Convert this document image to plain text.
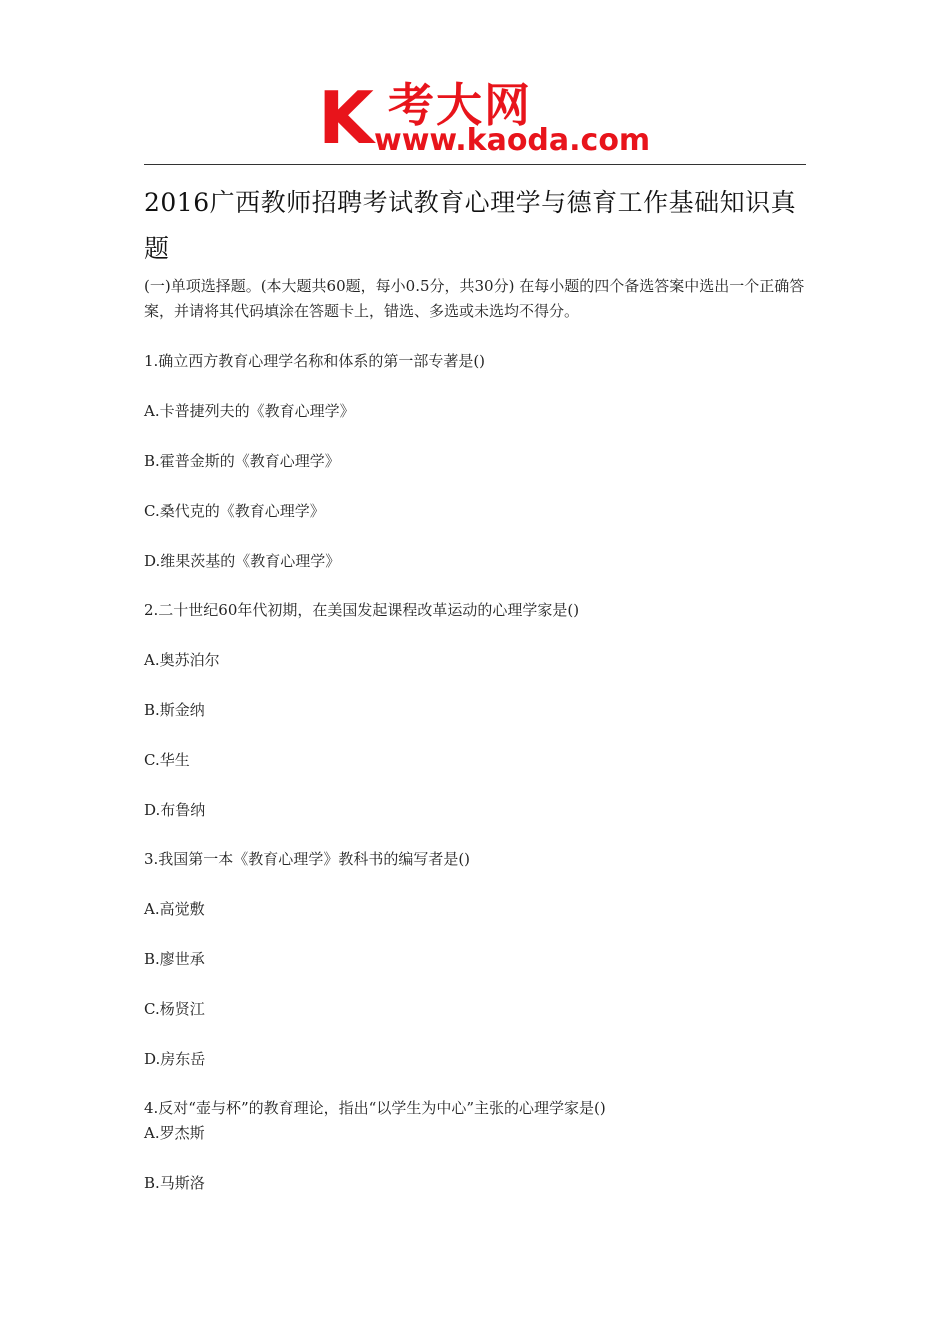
K 考大网
www.kaoda.com
2016广西教师招聘考试教育心理学与德育工作基础知识真题
(一)单项选择题。(本大题共60题，每小0.5分，共30分) 在每小题的四个备选答案中选出一个正确答案，并请将其代码填涂在答题卡上，错选、多选或未选均不得分。
1.确立西方教育心理学名称和体系的第一部专著是()
A.卡普捷列夫的《教育心理学》
B.霍普金斯的《教育心理学》
C.桑代克的《教育心理学》
D.维果茨基的《教育心理学》
2.二十世纪60年代初期，在美国发起课程改革运动的心理学家是()
A.奥苏泊尔
B.斯金纳
C.华生
D.布鲁纳
3.我国第一本《教育心理学》教科书的编写者是()
A.高觉敷
B.廖世承
C.杨贤江
D.房东岳
4.反对“壶与杯”的教育理论，指出“以学生为中心”主张的心理学家是()
A.罗杰斯
B.马斯洛
